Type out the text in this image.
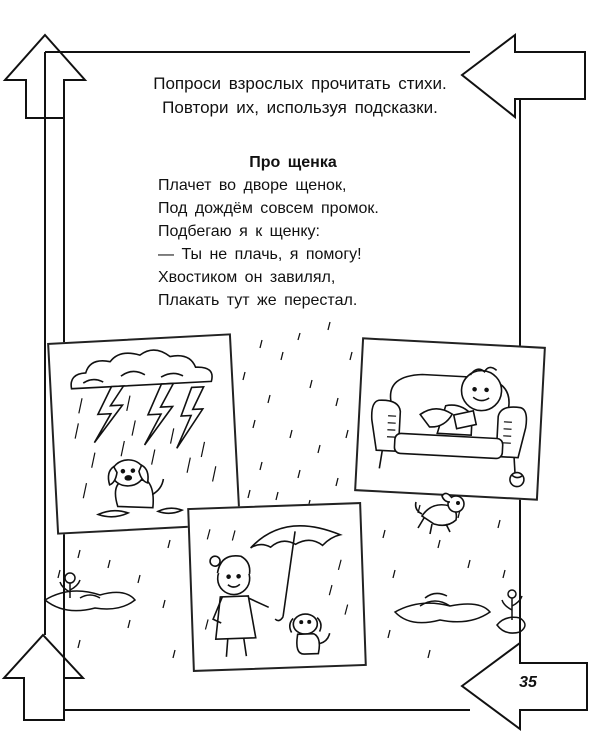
Попроси взрослых прочитать стихи.
Повтори их, используя подсказки.
Про щенка
Плачет во дворе щенок,
Под дождём совсем промок.
Подбегаю я к щенку:
— Ты не плачь, я помогу!
Хвостиком он завилял,
Плакать тут же перестал.
35
